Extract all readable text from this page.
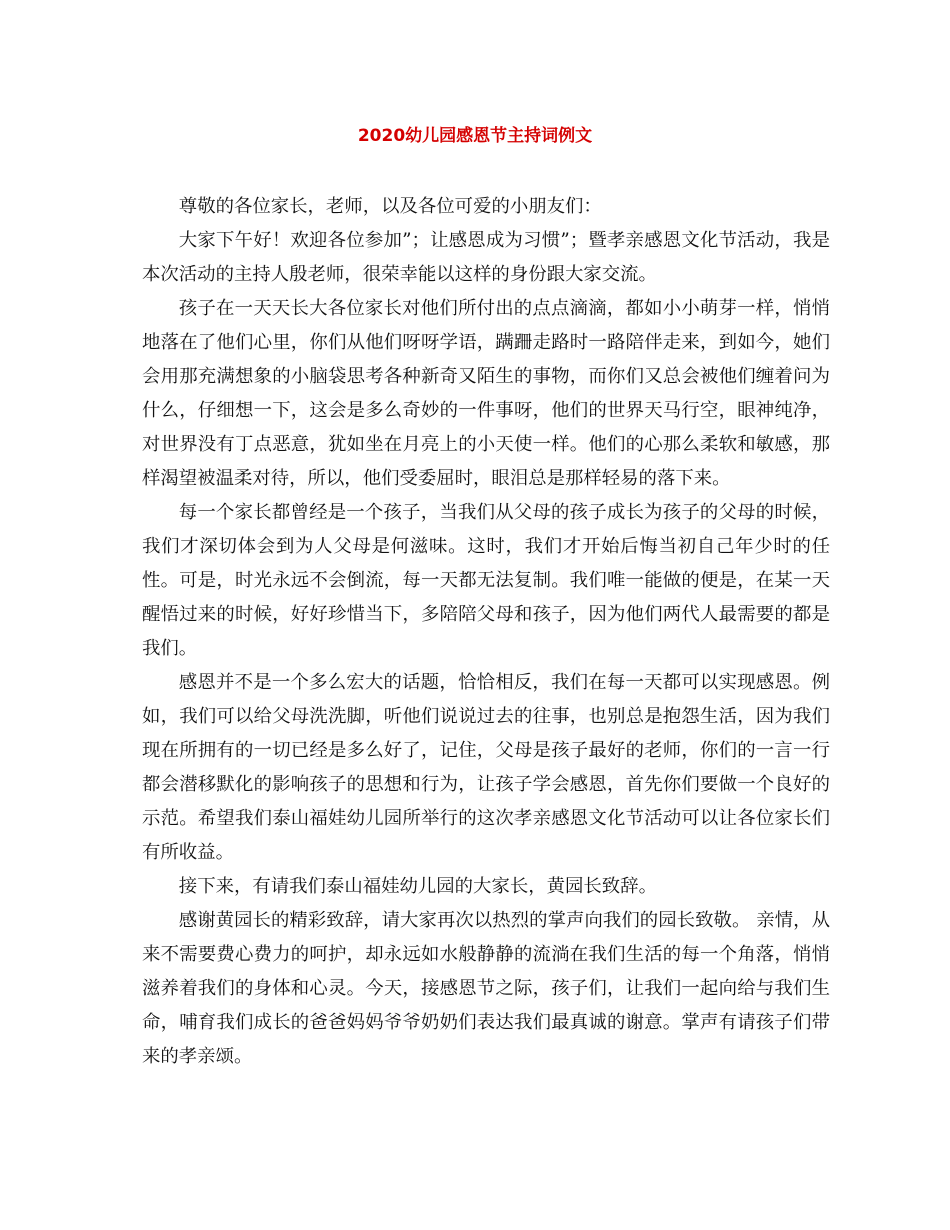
2020幼儿园感恩节主持词例文

尊敬的各位家长，老师，以及各位可爱的小朋友们：

大家下午好！欢迎各位参加”；让感恩成为习惯”；暨孝亲感恩文化节活动，我是本次活动的主持人殷老师，很荣幸能以这样的身份跟大家交流。

孩子在一天天长大各位家长对他们所付出的点点滴滴，都如小小萌芽一样，悄悄地落在了他们心里，你们从他们呀呀学语，蹒跚走路时一路陪伴走来，到如今，她们会用那充满想象的小脑袋思考各种新奇又陌生的事物，而你们又总会被他们缠着问为什么，仔细想一下，这会是多么奇妙的一件事呀，他们的世界天马行空，眼神纯净，对世界没有丁点恶意，犹如坐在月亮上的小天使一样。他们的心那么柔软和敏感，那样渴望被温柔对待，所以，他们受委屈时，眼泪总是那样轻易的落下来。

每一个家长都曾经是一个孩子，当我们从父母的孩子成长为孩子的父母的时候，我们才深切体会到为人父母是何滋味。这时，我们才开始后悔当初自己年少时的任性。可是，时光永远不会倒流，每一天都无法复制。我们唯一能做的便是，在某一天醒悟过来的时候，好好珍惜当下，多陪陪父母和孩子，因为他们两代人最需要的都是我们。

感恩并不是一个多么宏大的话题，恰恰相反，我们在每一天都可以实现感恩。例如，我们可以给父母洗洗脚，听他们说说过去的往事，也别总是抱怨生活，因为我们现在所拥有的一切已经是多么好了，记住，父母是孩子最好的老师，你们的一言一行都会潜移默化的影响孩子的思想和行为，让孩子学会感恩，首先你们要做一个良好的示范。希望我们泰山福娃幼儿园所举行的这次孝亲感恩文化节活动可以让各位家长们有所收益。

接下来，有请我们泰山福娃幼儿园的大家长，黄园长致辞。

感谢黄园长的精彩致辞，请大家再次以热烈的掌声向我们的园长致敬。 亲情，从来不需要费心费力的呵护，却永远如水般静静的流淌在我们生活的每一个角落，悄悄滋养着我们的身体和心灵。今天，接感恩节之际，孩子们，让我们一起向给与我们生命，哺育我们成长的爸爸妈妈爷爷奶奶们表达我们最真诚的谢意。掌声有请孩子们带来的孝亲颂。
